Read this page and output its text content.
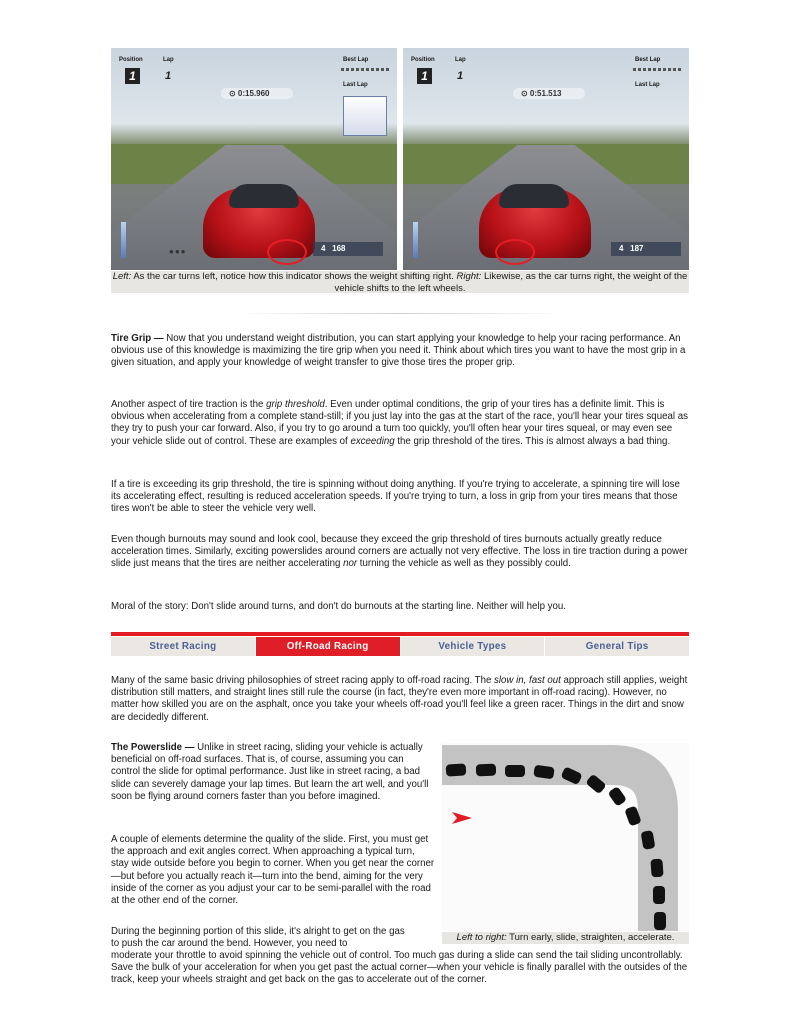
Position	Lap
1	1
Best Lap
Last Lap
⊙ 0:15.960
●●●	4 168
Position	Lap
1	1
Best Lap
Last Lap
⊙ 0:51.513
4 187
Left: As the car turns left, notice how this indicator shows the weight shifting right. Right: Likewise, as the car turns right, the weight of the vehicle shifts to the left wheels.
Tire Grip — Now that you understand weight distribution, you can start applying your knowledge to help your racing performance. An obvious use of this knowledge is maximizing the tire grip when you need it. Think about which tires you want to have the most grip in a given situation, and apply your knowledge of weight transfer to give those tires the proper grip.
Another aspect of tire traction is the grip threshold. Even under optimal conditions, the grip of your tires has a definite limit. This is obvious when accelerating from a complete stand-still; if you just lay into the gas at the start of the race, you'll hear your tires squeal as they try to push your car forward. Also, if you try to go around a turn too quickly, you'll often hear your tires squeal, or may even see your vehicle slide out of control. These are examples of exceeding the grip threshold of the tires. This is almost always a bad thing.
If a tire is exceeding its grip threshold, the tire is spinning without doing anything. If you're trying to accelerate, a spinning tire will lose its accelerating effect, resulting is reduced acceleration speeds. If you're trying to turn, a loss in grip from your tires means that those tires won't be able to steer the vehicle very well.
Even though burnouts may sound and look cool, because they exceed the grip threshold of tires burnouts actually greatly reduce acceleration times. Similarly, exciting powerslides around corners are actually not very effective. The loss in tire traction during a power slide just means that the tires are neither accelerating nor turning the vehicle as well as they possibly could.
Moral of the story: Don't slide around turns, and don't do burnouts at the starting line. Neither will help you.
Street Racing	Off-Road Racing	Vehicle Types	General Tips
Many of the same basic driving philosophies of street racing apply to off-road racing. The slow in, fast out approach still applies, weight distribution still matters, and straight lines still rule the course (in fact, they're even more important in off-road racing). However, no matter how skilled you are on the asphalt, once you take your wheels off-road you'll feel like a green racer. Things in the dirt and snow are decidedly different.
The Powerslide — Unlike in street racing, sliding your vehicle is actually beneficial on off-road surfaces. That is, of course, assuming you can control the slide for optimal performance. Just like in street racing, a bad slide can severely damage your lap times. But learn the art well, and you'll soon be flying around corners faster than you before imagined.
A couple of elements determine the quality of the slide. First, you must get the approach and exit angles correct. When approaching a typical turn, stay wide outside before you begin to corner. When you get near the corner—but before you actually reach it—turn into the bend, aiming for the very inside of the corner as you adjust your car to be semi-parallel with the road at the other end of the corner.
During the beginning portion of this slide, it's alright to get on the gas to push the car around the bend. However, you need to
moderate your throttle to avoid spinning the vehicle out of control. Too much gas during a slide can send the tail sliding uncontrollably. Save the bulk of your acceleration for when you get past the actual corner—when your vehicle is finally parallel with the outsides of the track, keep your wheels straight and get back on the gas to accelerate out of the corner.
Left to right: Turn early, slide, straighten, accelerate.
